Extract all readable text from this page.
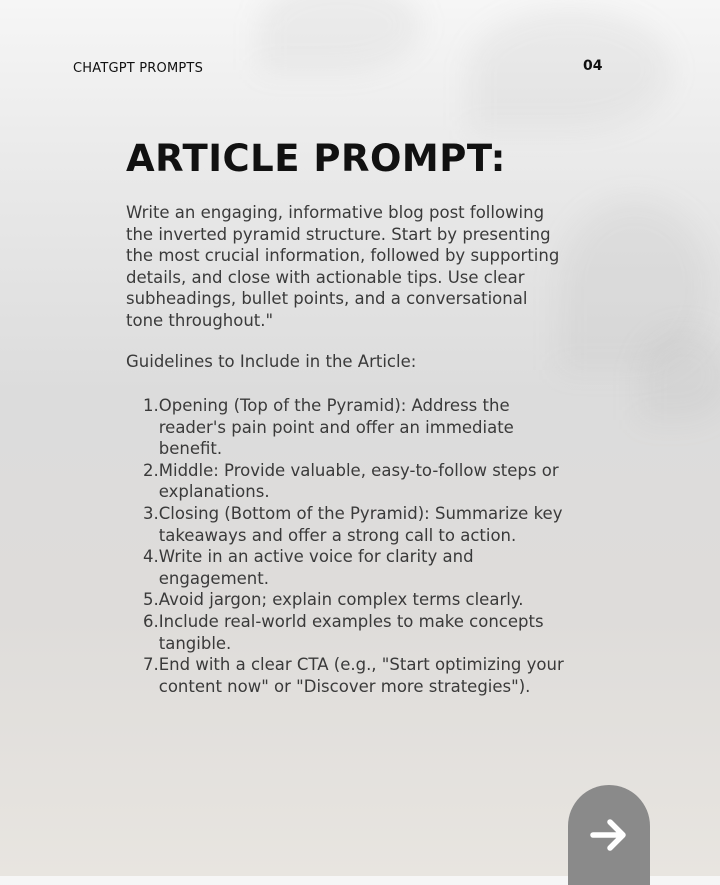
CHATGPT PROMPTS	04
ARTICLE PROMPT:

Write an engaging, informative blog post following the inverted pyramid structure. Start by presenting the most crucial information, followed by supporting details, and close with actionable tips. Use clear subheadings, bullet points, and a conversational tone throughout."

Guidelines to Include in the Article:

1. Opening (Top of the Pyramid): Address the reader's pain point and offer an immediate benefit.
2. Middle: Provide valuable, easy-to-follow steps or explanations.
3. Closing (Bottom of the Pyramid): Summarize key takeaways and offer a strong call to action.
4. Write in an active voice for clarity and engagement.
5. Avoid jargon; explain complex terms clearly.
6. Include real-world examples to make concepts tangible.
7. End with a clear CTA (e.g., "Start optimizing your content now" or "Discover more strategies").
